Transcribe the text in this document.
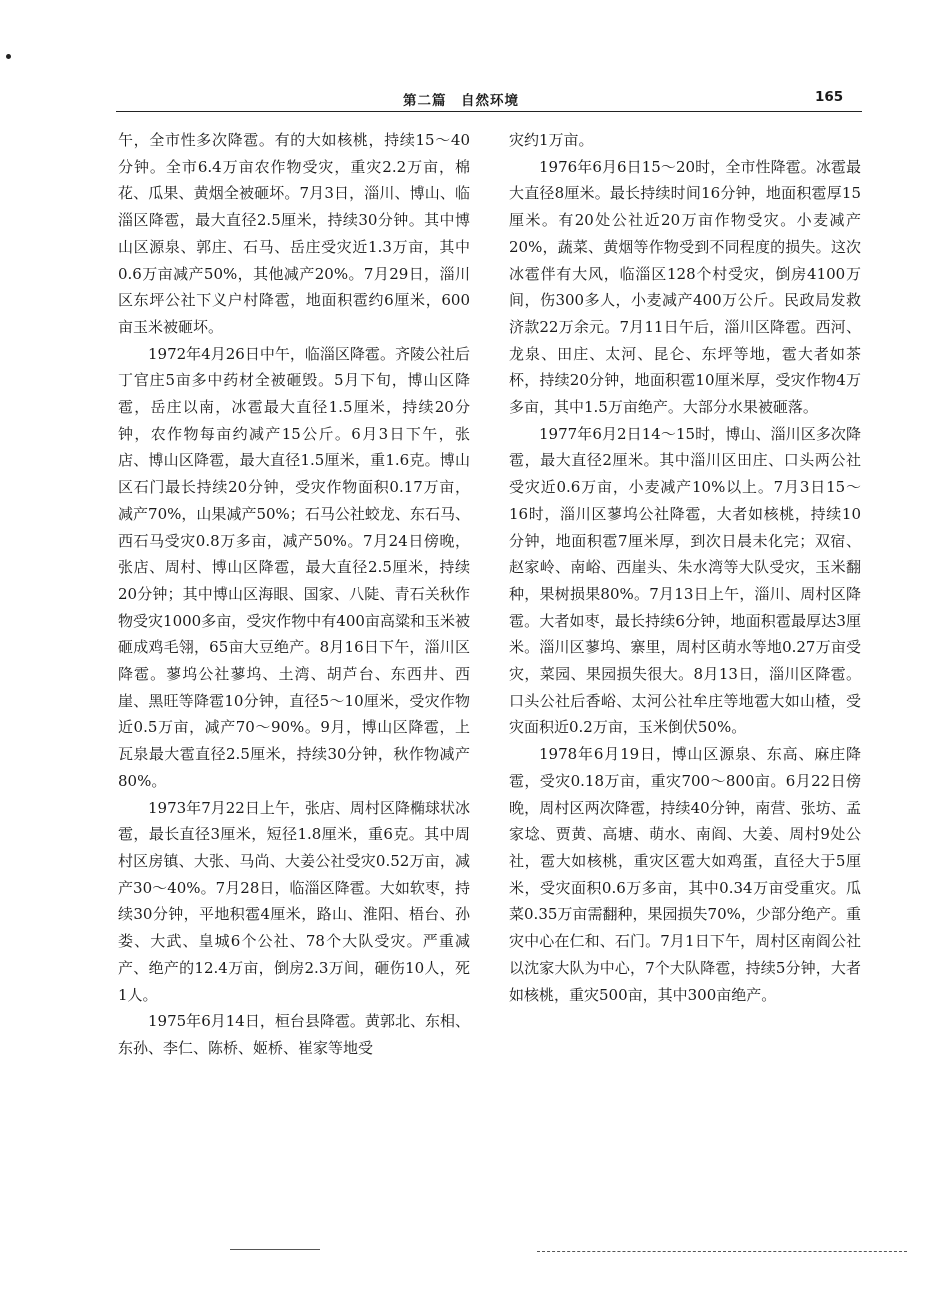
第二篇　自然环境	165

午，全市性多次降雹。有的大如核桃，持续15～40分钟。全市6.4万亩农作物受灾，重灾2.2万亩，棉花、瓜果、黄烟全被砸坏。7月3日，淄川、博山、临淄区降雹，最大直径2.5厘米，持续30分钟。其中博山区源泉、郭庄、石马、岳庄受灾近1.3万亩，其中0.6万亩减产50%，其他减产20%。7月29日，淄川区东坪公社下义户村降雹，地面积雹约6厘米，600亩玉米被砸坏。

1972年4月26日中午，临淄区降雹。齐陵公社后丁官庄5亩多中药材全被砸毁。5月下旬，博山区降雹，岳庄以南，冰雹最大直径1.5厘米，持续20分钟，农作物每亩约减产15公斤。6月3日下午，张店、博山区降雹，最大直径1.5厘米，重1.6克。博山区石门最长持续20分钟，受灾作物面积0.17万亩，减产70%，山果减产50%；石马公社蛟龙、东石马、西石马受灾0.8万多亩，减产50%。7月24日傍晚，张店、周村、博山区降雹，最大直径2.5厘米，持续20分钟；其中博山区海眼、国家、八陡、青石关秋作物受灾1000多亩，受灾作物中有400亩高粱和玉米被砸成鸡毛翎，65亩大豆绝产。8月16日下午，淄川区降雹。蓼坞公社蓼坞、土湾、胡芦台、东西井、西崖、黑旺等降雹10分钟，直径5～10厘米，受灾作物近0.5万亩，减产70～90%。9月，博山区降雹，上瓦泉最大雹直径2.5厘米，持续30分钟，秋作物减产80%。

1973年7月22日上午，张店、周村区降椭球状冰雹，最长直径3厘米，短径1.8厘米，重6克。其中周村区房镇、大张、马尚、大姜公社受灾0.52万亩，减产30～40%。7月28日，临淄区降雹。大如软枣，持续30分钟，平地积雹4厘米，路山、淮阳、梧台、孙娄、大武、皇城6个公社、78个大队受灾。严重减产、绝产的12.4万亩，倒房2.3万间，砸伤10人，死1人。

1975年6月14日，桓台县降雹。黄郭北、东相、东孙、李仁、陈桥、姬桥、崔家等地受

灾约1万亩。

1976年6月6日15～20时，全市性降雹。冰雹最大直径8厘米。最长持续时间16分钟，地面积雹厚15厘米。有20处公社近20万亩作物受灾。小麦减产20%，蔬菜、黄烟等作物受到不同程度的损失。这次冰雹伴有大风，临淄区128个村受灾，倒房4100万间，伤300多人，小麦减产400万公斤。民政局发救济款22万余元。7月11日午后，淄川区降雹。西河、龙泉、田庄、太河、昆仑、东坪等地，雹大者如茶杯，持续20分钟，地面积雹10厘米厚，受灾作物4万多亩，其中1.5万亩绝产。大部分水果被砸落。

1977年6月2日14～15时，博山、淄川区多次降雹，最大直径2厘米。其中淄川区田庄、口头两公社受灾近0.6万亩，小麦减产10%以上。7月3日15～16时，淄川区蓼坞公社降雹，大者如核桃，持续10分钟，地面积雹7厘米厚，到次日晨未化完；双宿、赵家岭、南峪、西崖头、朱水湾等大队受灾，玉米翻种，果树损果80%。7月13日上午，淄川、周村区降雹。大者如枣，最长持续6分钟，地面积雹最厚达3厘米。淄川区蓼坞、寨里，周村区萌水等地0.27万亩受灾，菜园、果园损失很大。8月13日，淄川区降雹。口头公社后香峪、太河公社牟庄等地雹大如山楂，受灾面积近0.2万亩，玉米倒伏50%。

1978年6月19日，博山区源泉、东高、麻庄降雹，受灾0.18万亩，重灾700～800亩。6月22日傍晚，周村区两次降雹，持续40分钟，南营、张坊、孟家埝、贾黄、高塘、萌水、南阎、大姜、周村9处公社，雹大如核桃，重灾区雹大如鸡蛋，直径大于5厘米，受灾面积0.6万多亩，其中0.34万亩受重灾。瓜菜0.35万亩需翻种，果园损失70%，少部分绝产。重灾中心在仁和、石门。7月1日下午，周村区南阎公社以沈家大队为中心，7个大队降雹，持续5分钟，大者如核桃，重灾500亩，其中300亩绝产。
